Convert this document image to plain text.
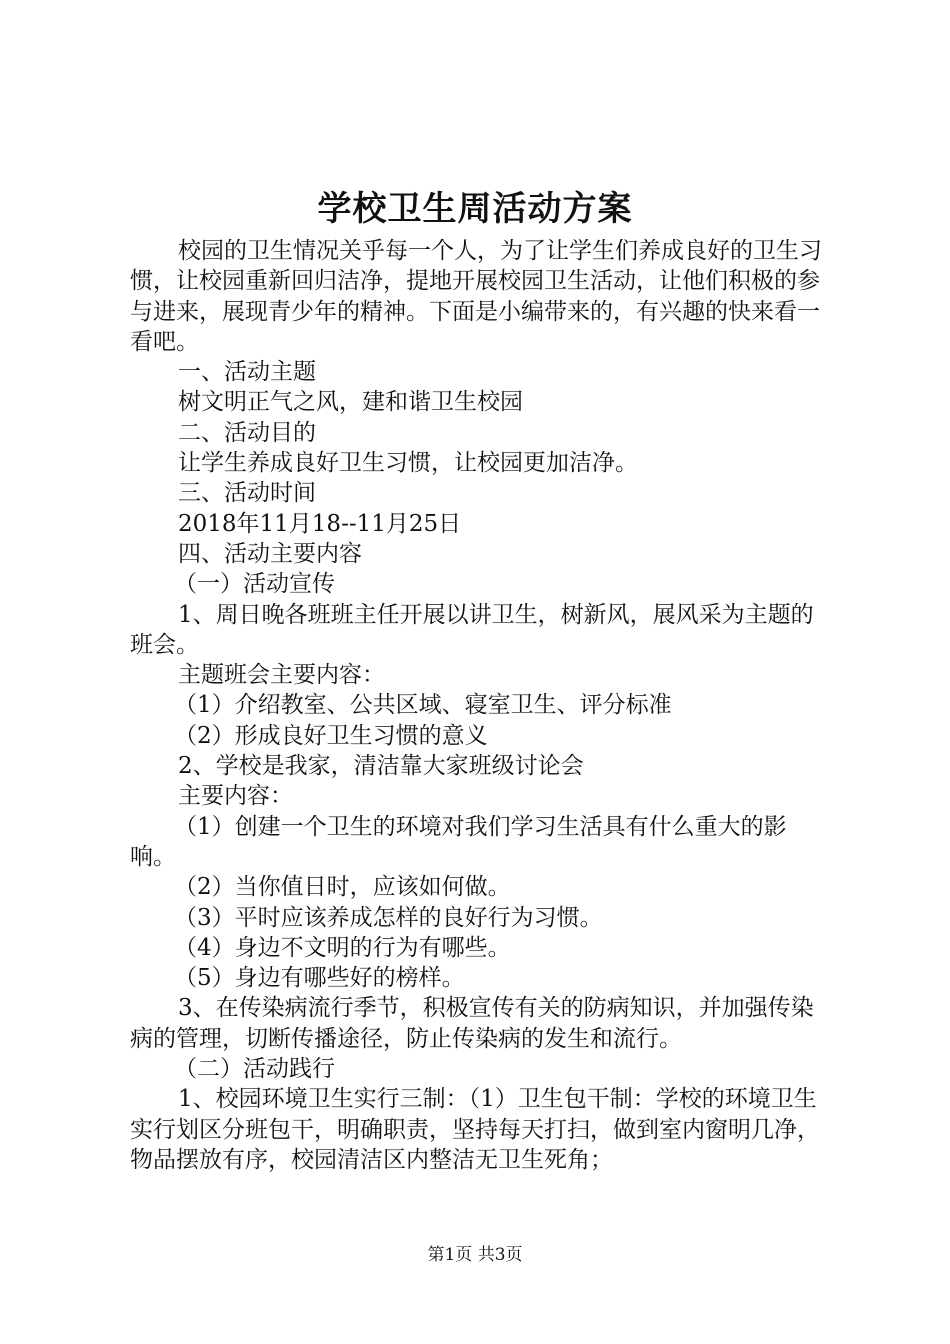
学校卫生周活动方案

校园的卫生情况关乎每一个人，为了让学生们养成良好的卫生习惯，让校园重新回归洁净，提地开展校园卫生活动，让他们积极的参与进来，展现青少年的精神。下面是小编带来的，有兴趣的快来看一看吧。

一、活动主题

树文明正气之风，建和谐卫生校园

二、活动目的

让学生养成良好卫生习惯，让校园更加洁净。

三、活动时间

2018年11月18--11月25日

四、活动主要内容

（一）活动宣传

1、周日晚各班班主任开展以讲卫生，树新风，展风采为主题的班会。

主题班会主要内容：

（1）介绍教室、公共区域、寝室卫生、评分标准

（2）形成良好卫生习惯的意义

2、学校是我家，清洁靠大家班级讨论会

主要内容：

（1）创建一个卫生的环境对我们学习生活具有什么重大的影响。

（2）当你值日时，应该如何做。

（3）平时应该养成怎样的良好行为习惯。

（4）身边不文明的行为有哪些。

（5）身边有哪些好的榜样。

3、在传染病流行季节，积极宣传有关的防病知识，并加强传染病的管理，切断传播途径，防止传染病的发生和流行。

（二）活动践行

1、校园环境卫生实行三制：（1）卫生包干制：学校的环境卫生实行划区分班包干，明确职责，坚持每天打扫，做到室内窗明几净，物品摆放有序，校园清洁区内整洁无卫生死角；

第1页 共3页
